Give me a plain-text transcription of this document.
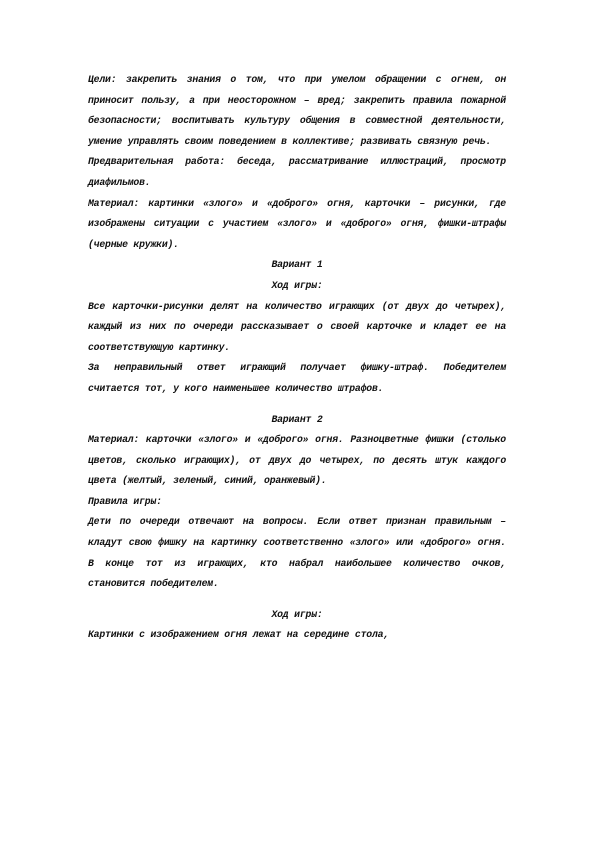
Цели: закрепить знания о том, что при умелом обращении с огнем, он приносит пользу, а при неосторожном – вред; закрепить правила пожарной безопасности; воспитывать культуру общения в совместной деятельности, умение управлять своим поведением в коллективе; развивать связную речь.

Предварительная работа: беседа, рассматривание иллюстраций, просмотр диафильмов.

Материал: картинки «злого» и «доброго» огня, карточки – рисунки, где изображены ситуации с участием «злого» и «доброго» огня, фишки-штрафы (черные кружки).

Вариант 1

Ход игры:

Все карточки-рисунки делят на количество играющих (от двух до четырех), каждый из них по очереди рассказывает о своей карточке и кладет ее на соответствующую картинку.

За неправильный ответ играющий получает фишку-штраф. Победителем считается тот, у кого наименьшее количество штрафов.

Вариант 2

Материал: карточки «злого» и «доброго» огня. Разноцветные фишки (столько цветов, сколько играющих), от двух до четырех, по десять штук каждого цвета (желтый, зеленый, синий, оранжевый).

Правила игры:

Дети по очереди отвечают на вопросы. Если ответ признан правильным – кладут свою фишку на картинку соответственно «злого» или «доброго» огня. В конце тот из играющих, кто набрал наибольшее количество очков, становится победителем.

Ход игры:

Картинки с изображением огня лежат на середине стола,
